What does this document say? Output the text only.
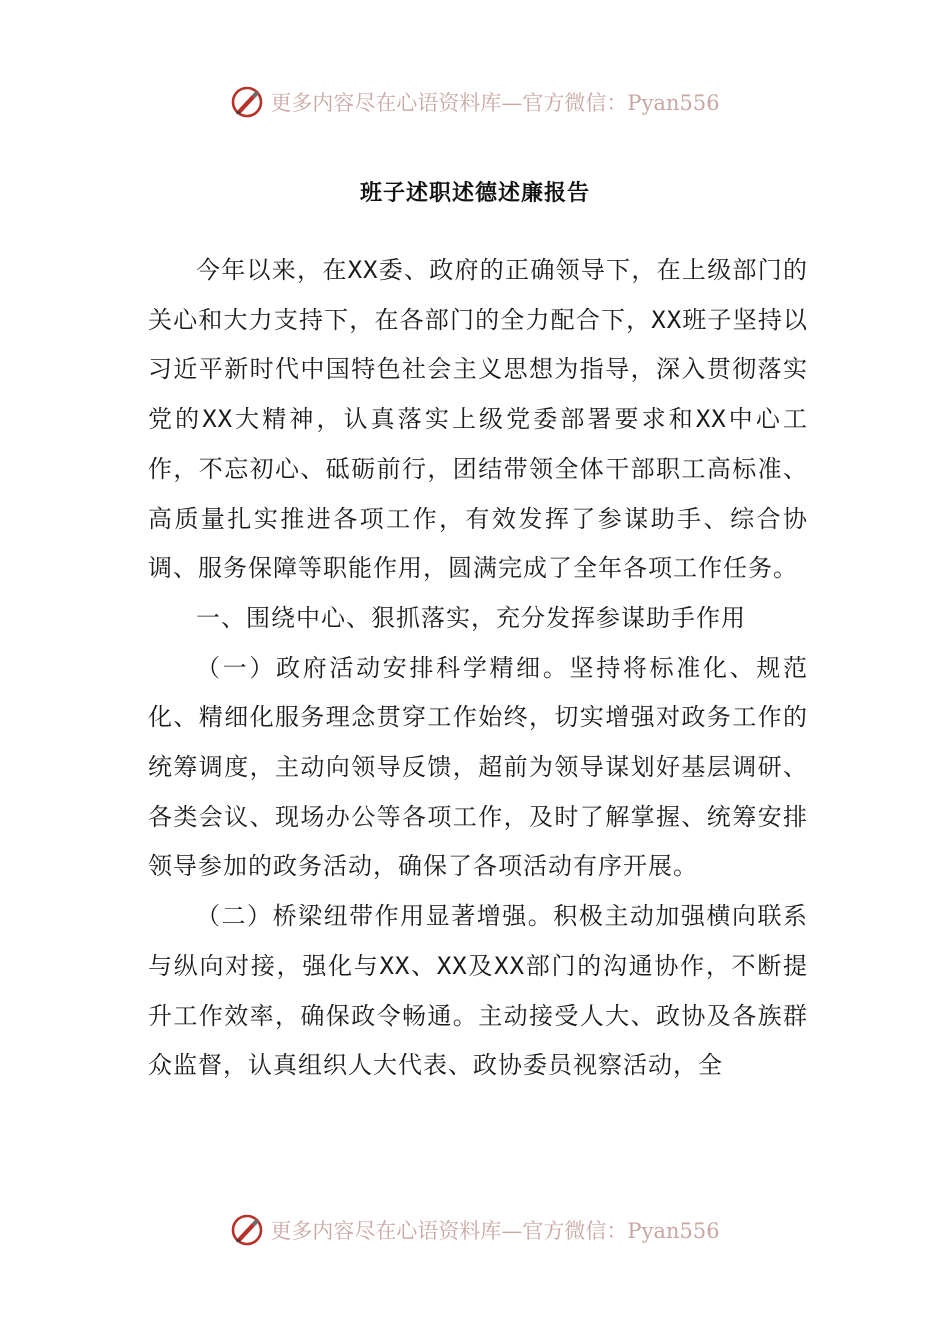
更多内容尽在心语资料库—官方微信：Pyan556
班子述职述德述廉报告

今年以来，在XX委、政府的正确领导下，在上级部门的关心和大力支持下，在各部门的全力配合下，XX班子坚持以习近平新时代中国特色社会主义思想为指导，深入贯彻落实党的XX大精神，认真落实上级党委部署要求和XX中心工作，不忘初心、砥砺前行，团结带领全体干部职工高标准、高质量扎实推进各项工作，有效发挥了参谋助手、综合协调、服务保障等职能作用，圆满完成了全年各项工作任务。

一、围绕中心、狠抓落实，充分发挥参谋助手作用

（一）政府活动安排科学精细。坚持将标准化、规范化、精细化服务理念贯穿工作始终，切实增强对政务工作的统筹调度，主动向领导反馈，超前为领导谋划好基层调研、各类会议、现场办公等各项工作，及时了解掌握、统筹安排领导参加的政务活动，确保了各项活动有序开展。

（二）桥梁纽带作用显著增强。积极主动加强横向联系与纵向对接，强化与XX、XX及XX部门的沟通协作，不断提升工作效率，确保政令畅通。主动接受人大、政协及各族群众监督，认真组织人大代表、政协委员视察活动，全

更多内容尽在心语资料库—官方微信：Pyan556
